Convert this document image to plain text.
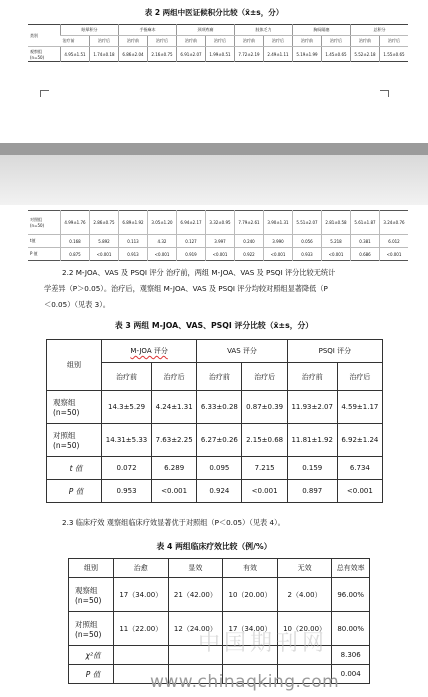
表 2 两组中医证候积分比较（x̄±s，分）
类别	眩晕积分		手指麻木		颈项疼痛		肢体乏力		胸闷隔塞		总积分	
	治疗前	治疗后	治疗前	治疗后	治疗前	治疗后	治疗前	治疗后	治疗前	治疗后	治疗前	治疗后
观察组
(n=50)	4.95±1.51	1.74±0.18	6.86±2.04	2.16±0.75	6.91±2.07	1.99±0.51	7.72±2.19	2.49±1.11	5.19±1.99	1.45±0.65	5.52±2.18	1.55±0.65
对照组
(n=50)	4.99±1.76	2.86±0.75	6.89±1.92	3.05±1.20	6.94±2.17	3.32±0.95	7.79±2.61	3.90±1.31	5.51±2.07	2.81±0.58	5.61±1.87	3.24±0.76
t值	0.168	5.892	0.113	4.32	0.127	3.997	0.240	3.990	0.056	5.218	0.381	6.012
P 值	0.875	<0.001	0.913	<0.001	0.919	<0.001	0.922	<0.001	0.933	<0.001	0.686	<0.001
2.2 M-JOA、VAS 及 PSQI 评分 治疗前，两组 M-JOA、VAS 及 PSQI 评分比较无统计
学差异（P＞0.05）。治疗后，观察组 M-JOA、VAS 及 PSQI 评分均较对照组显著降低（P
＜0.05）（见表 3）。
表 3 两组 M-JOA、VAS、PSQI 评分比较（x̄±s，分）
组别	M-JOA 评分		VAS 评分		PSQI 评分	
	治疗前	治疗后	治疗前	治疗后	治疗前	治疗后
观察组
(n=50)	14.3±5.29	4.24±1.31	6.33±0.28	0.87±0.39	11.93±2.07	4.59±1.17
对照组
(n=50)	14.31±5.33	7.63±2.25	6.27±0.26	2.15±0.68	11.81±1.92	6.92±1.24
t 值	0.072	6.289	0.095	7.215	0.159	6.734
P 值	0.953	<0.001	0.924	<0.001	0.897	<0.001
2.3 临床疗效 观察组临床疗效显著优于对照组（P＜0.05）（见表 4）。
表 4 两组临床疗效比较（例/%）
组别	治愈	显效	有效	无效	总有效率
观察组
(n=50)	17（34.00）	21（42.00）	10（20.00）	2（4.00）	96.00%
对照组
(n=50)	11（22.00）	12（24.00）	17（34.00）	10（20.00）	80.00%
χ²值					8.306
P 值					0.004
中国期刊网
www.chinaqking.com
